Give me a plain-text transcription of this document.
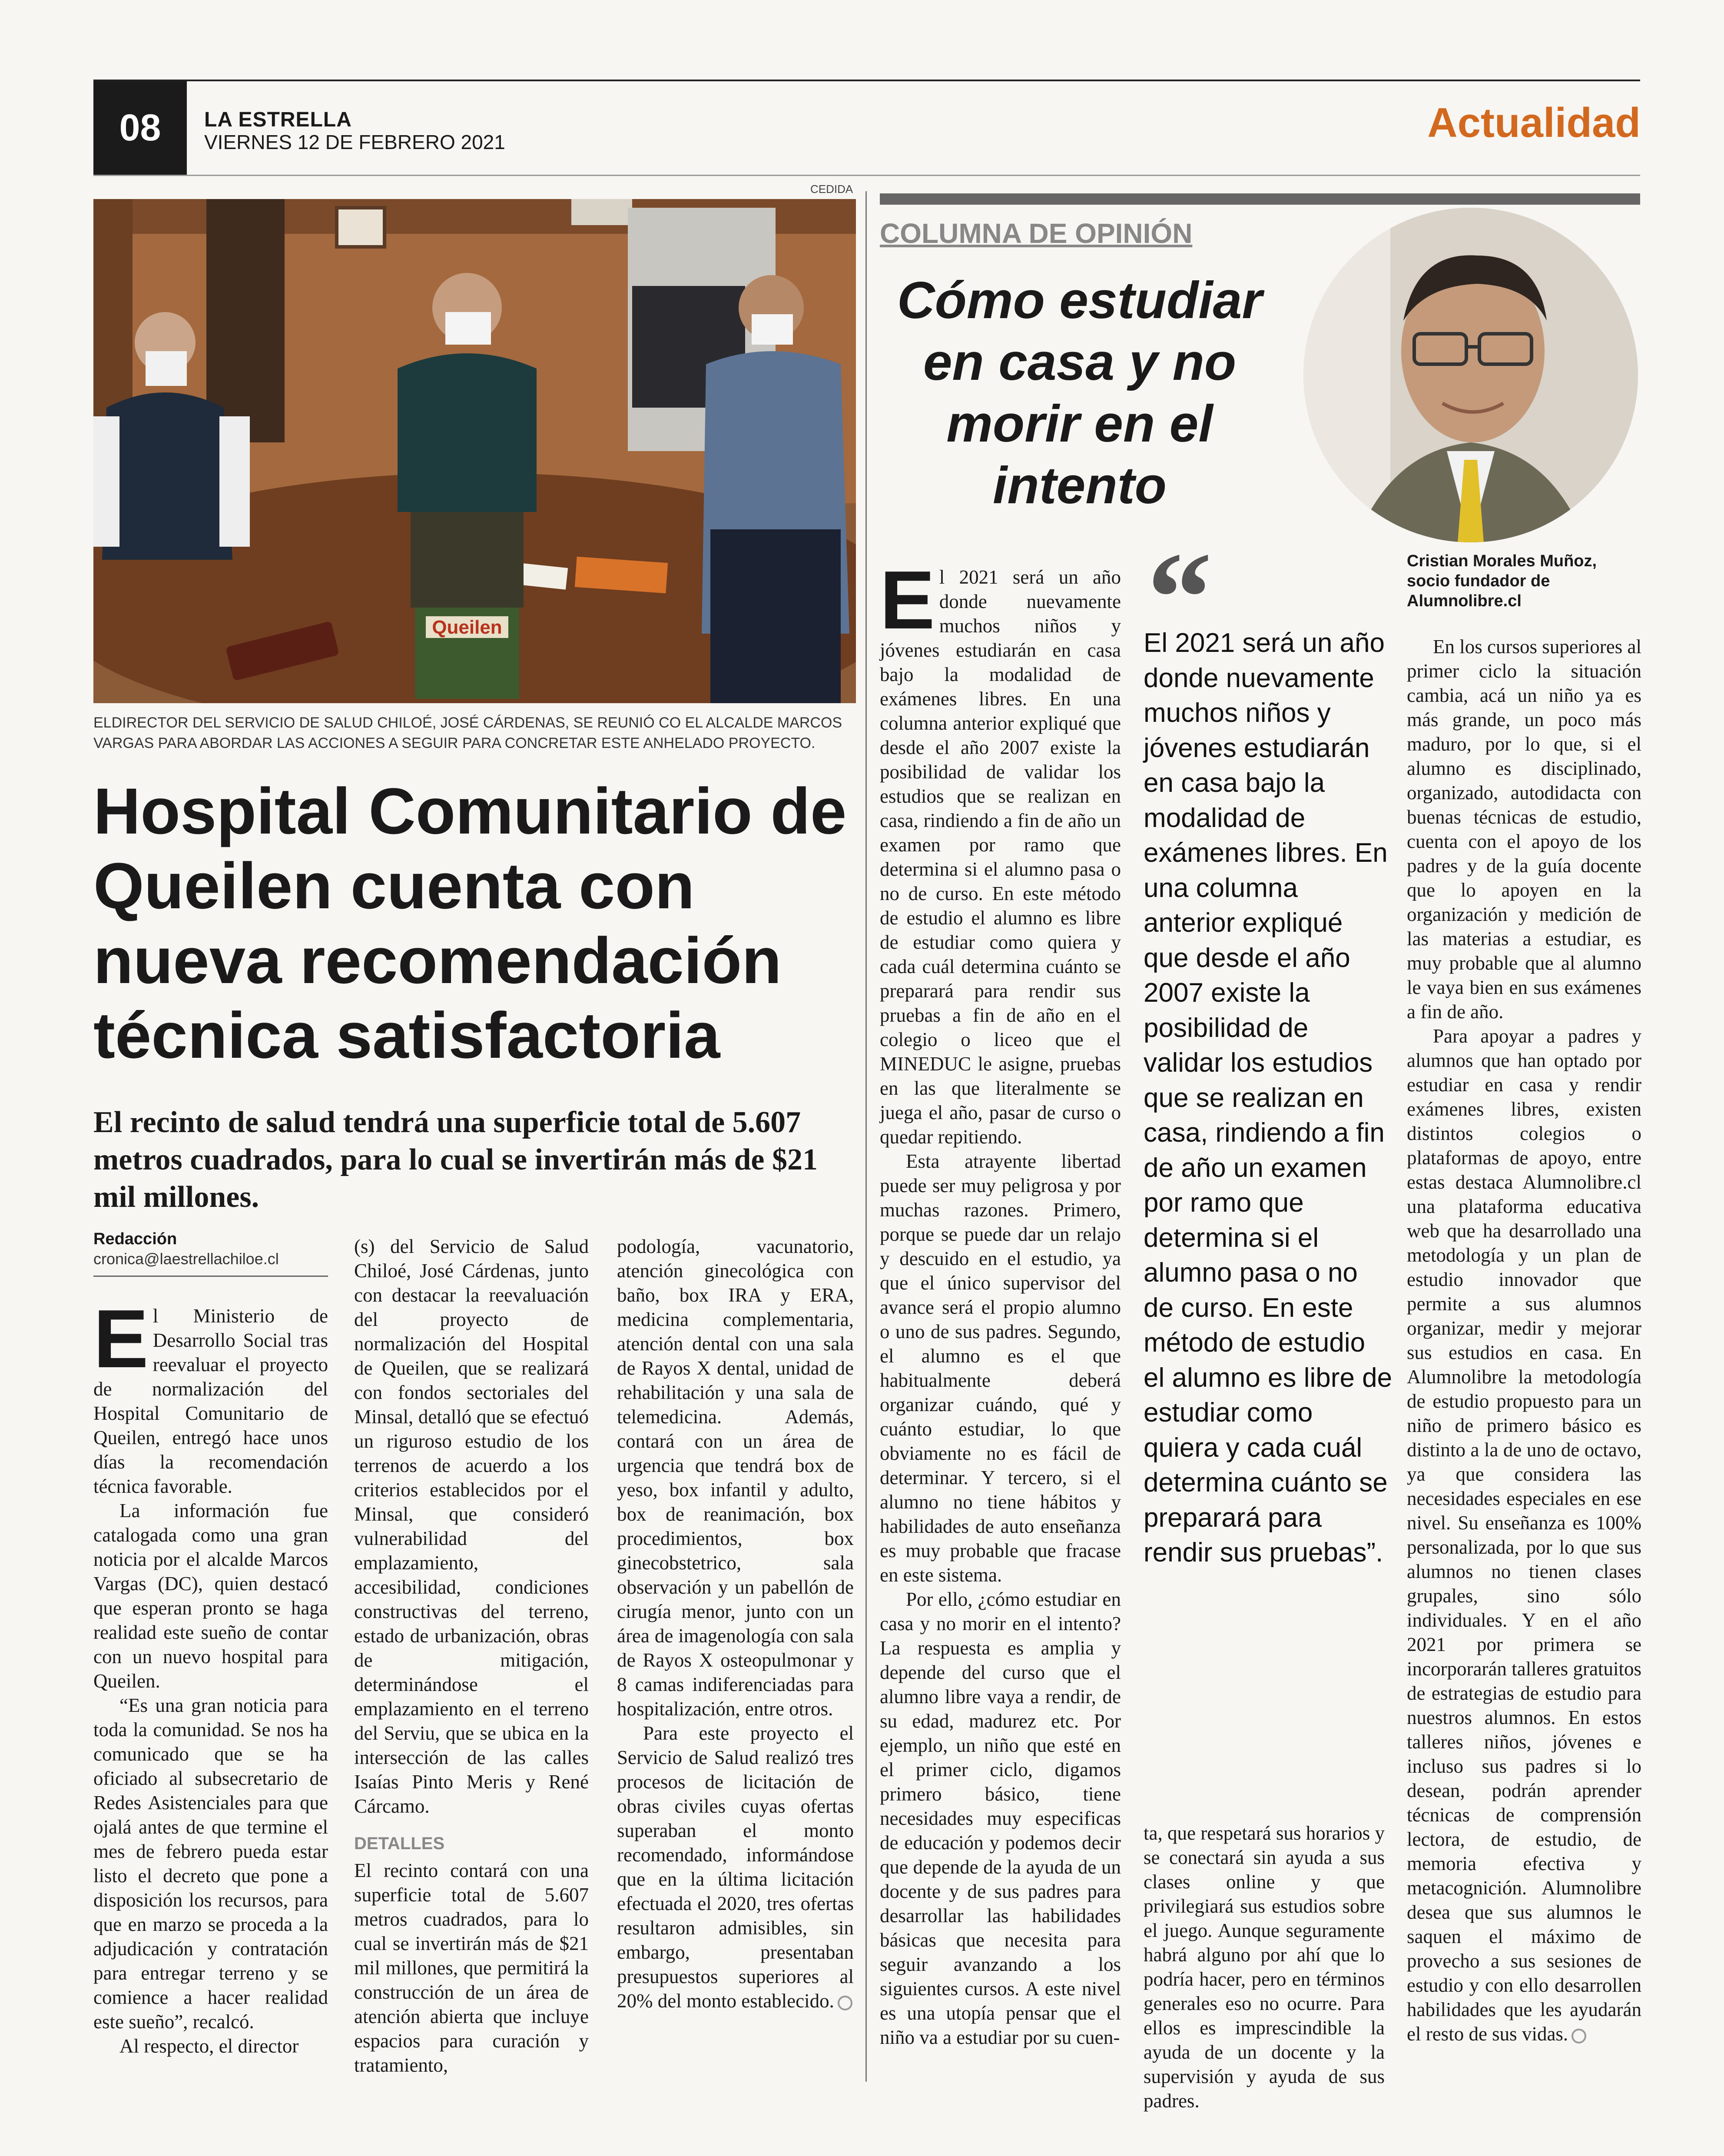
08	LA ESTRELLA
VIERNES 12 DE FEBRERO 2021	Actualidad
CEDIDA
Queilen
ELDIRECTOR DEL SERVICIO DE SALUD CHILOÉ, JOSÉ CÁRDENAS, SE REUNIÓ CO EL ALCALDE MARCOS VARGAS PARA ABORDAR LAS ACCIONES A SEGUIR PARA CONCRETAR ESTE ANHELADO PROYECTO.
Hospital Comunitario de Queilen cuenta con nueva recomendación técnica satisfactoria
El recinto de salud tendrá una superficie total de 5.607 metros cuadrados, para lo cual se invertirán más de $21 mil millones.
Redacción
cronica@laestrellachiloe.cl

El Ministerio de Desarrollo Social tras reevaluar el proyecto de normalización del Hospital Comunitario de Queilen, entregó hace unos días la recomendación técnica favorable.

La información fue catalogada como una gran noticia por el alcalde Marcos Vargas (DC), quien destacó que esperan pronto se haga realidad este sueño de contar con un nuevo hospital para Queilen.

“Es una gran noticia para toda la comunidad. Se nos ha comunicado que se ha oficiado al subsecretario de Redes Asistenciales para que ojalá antes de que termine el mes de febrero pueda estar listo el decreto que pone a disposición los recursos, para que en marzo se proceda a la adjudicación y contratación para entregar terreno y se comience a hacer realidad este sueño”, recalcó.

Al respecto, el director

(s) del Servicio de Salud Chiloé, José Cárdenas, junto con destacar la reevaluación del proyecto de normalización del Hospital de Queilen, que se realizará con fondos sectoriales del Minsal, detalló que se efectuó un riguroso estudio de los terrenos de acuerdo a los criterios establecidos por el Minsal, que consideró vulnerabilidad del emplazamiento, accesibilidad, condiciones constructivas del terreno, estado de urbanización, obras de mitigación, determinándose el emplazamiento en el terreno del Serviu, que se ubica en la intersección de las calles Isaías Pinto Meris y René Cárcamo.

DETALLES

El recinto contará con una superficie total de 5.607 metros cuadrados, para lo cual se invertirán más de $21 mil millones, que permitirá la construcción de un área de atención abierta que incluye espacios para curación y tratamiento,

podología, vacunatorio, atención ginecológica con baño, box IRA y ERA, medicina complementaria, atención dental con una sala de Rayos X dental, unidad de rehabilitación y una sala de telemedicina. Además, contará con un área de urgencia que tendrá box de yeso, box infantil y adulto, box de reanimación, box procedimientos, box ginecobstetrico, sala observación y un pabellón de cirugía menor, junto con un área de imagenología con sala de Rayos X osteopulmonar y 8 camas indiferenciadas para hospitalización, entre otros.

Para este proyecto el Servicio de Salud realizó tres procesos de licitación de obras civiles cuyas ofertas superaban el monto recomendado, informándose que en la última licitación efectuada el 2020, tres ofertas resultaron admisibles, sin embargo, presentaban presupuestos superiores al 20% del monto establecido.

COLUMNA DE OPINIÓN
Cómo estudiar en casa y no morir en el intento
Cristian Morales Muñoz,
socio fundador de
Alumnolibre.cl

El 2021 será un año donde nuevamente muchos niños y jóvenes estudiarán en casa bajo la modalidad de exámenes libres. En una columna anterior expliqué que desde el año 2007 existe la posibilidad de validar los estudios que se realizan en casa, rindiendo a fin de año un examen por ramo que determina si el alumno pasa o no de curso. En este método de estudio el alumno es libre de estudiar como quiera y cada cuál determina cuánto se preparará para rendir sus pruebas a fin de año en el colegio o liceo que el MINEDUC le asigne, pruebas en las que literalmente se juega el año, pasar de curso o quedar repitiendo.

Esta atrayente libertad puede ser muy peligrosa y por muchas razones. Primero, porque se puede dar un relajo y descuido en el estudio, ya que el único supervisor del avance será el propio alumno o uno de sus padres. Segundo, el alumno es el que habitualmente deberá organizar cuándo, qué y cuánto estudiar, lo que obviamente no es fácil de determinar. Y tercero, si el alumno no tiene hábitos y habilidades de auto enseñanza es muy probable que fracase en este sistema.

Por ello, ¿cómo estudiar en casa y no morir en el intento? La respuesta es amplia y depende del curso que el alumno libre vaya a rendir, de su edad, madurez etc. Por ejemplo, un niño que esté en el primer ciclo, digamos primero básico, tiene necesidades muy especificas de educación y podemos decir que depende de la ayuda de un docente y de sus padres para desarrollar las habilidades básicas que necesita para seguir avanzando a los siguientes cursos. A este nivel es una utopía pensar que el niño va a estudiar por su cuen-

“
El 2021 será un año donde nuevamente muchos niños y jóvenes estudiarán en casa bajo la modalidad de exámenes libres. En una columna anterior expliqué que desde el año 2007 existe la posibilidad de validar los estudios que se realizan en casa, rindiendo a fin de año un examen por ramo que determina si el alumno pasa o no de curso. En este método de estudio el alumno es libre de estudiar como quiera y cada cuál determina cuánto se preparará para rendir sus pruebas”.

ta, que respetará sus horarios y se conectará sin ayuda a sus clases online y que privilegiará sus estudios sobre el juego. Aunque seguramente habrá alguno por ahí que lo podría hacer, pero en términos generales eso no ocurre. Para ellos es imprescindible la ayuda de un docente y la supervisión y ayuda de sus padres.

En los cursos superiores al primer ciclo la situación cambia, acá un niño ya es más grande, un poco más maduro, por lo que, si el alumno es disciplinado, organizado, autodidacta con buenas técnicas de estudio, cuenta con el apoyo de los padres y de la guía docente que lo apoyen en la organización y medición de las materias a estudiar, es muy probable que al alumno le vaya bien en sus exámenes a fin de año.

Para apoyar a padres y alumnos que han optado por estudiar en casa y rendir exámenes libres, existen distintos colegios o plataformas de apoyo, entre estas destaca Alumnolibre.cl una plataforma educativa web que ha desarrollado una metodología y un plan de estudio innovador que permite a sus alumnos organizar, medir y mejorar sus estudios en casa. En Alumnolibre la metodología de estudio propuesto para un niño de primero básico es distinto a la de uno de octavo, ya que considera las necesidades especiales en ese nivel. Su enseñanza es 100% personalizada, por lo que sus alumnos no tienen clases grupales, sino sólo individuales. Y en el año 2021 por primera se incorporarán talleres gratuitos de estrategias de estudio para nuestros alumnos. En estos talleres niños, jóvenes e incluso sus padres si lo desean, podrán aprender técnicas de comprensión lectora, de estudio, de memoria efectiva y metacognición. Alumnolibre desea que sus alumnos le saquen el máximo de provecho a sus sesiones de estudio y con ello desarrollen habilidades que les ayudarán el resto de sus vidas.
